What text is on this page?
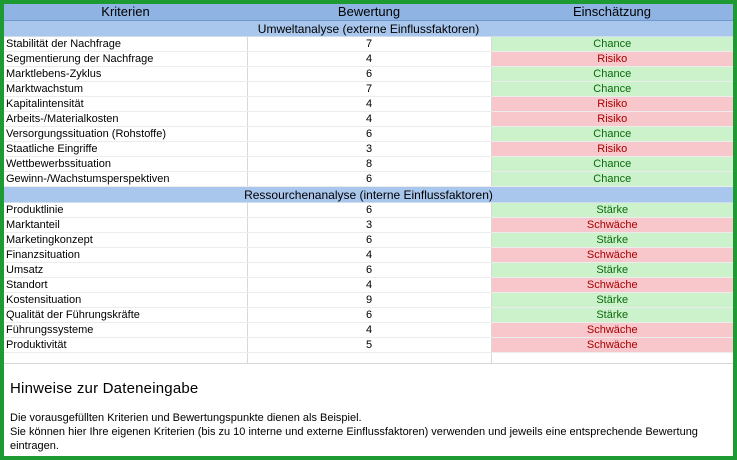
Kriterien	Bewertung	Einschätzung
Umweltanalyse (externe Einflussfaktoren)		
Stabilität der Nachfrage	7	Chance
Segmentierung der Nachfrage	4	Risiko
Marktlebens-Zyklus	6	Chance
Marktwachstum	7	Chance
Kapitalintensität	4	Risiko
Arbeits-/Materialkosten	4	Risiko
Versorgungssituation (Rohstoffe)	6	Chance
Staatliche Eingriffe	3	Risiko
Wettbewerbssituation	8	Chance
Gewinn-/Wachstumsperspektiven	6	Chance
Ressourchenanalyse (interne Einflussfaktoren)		
Produktlinie	6	Stärke
Marktanteil	3	Schwäche
Marketingkonzept	6	Stärke
Finanzsituation	4	Schwäche
Umsatz	6	Stärke
Standort	4	Schwäche
Kostensituation	9	Stärke
Qualität der Führungskräfte	6	Stärke
Führungssysteme	4	Schwäche
Produktivität	5	Schwäche

Hinweise zur Dateneingabe

Die vorausgefüllten Kriterien und Bewertungspunkte dienen als Beispiel.

Sie können hier Ihre eigenen Kriterien (bis zu 10 interne und externe Einflussfaktoren) verwenden und jeweils eine entsprechende Bewertung

eintragen.
